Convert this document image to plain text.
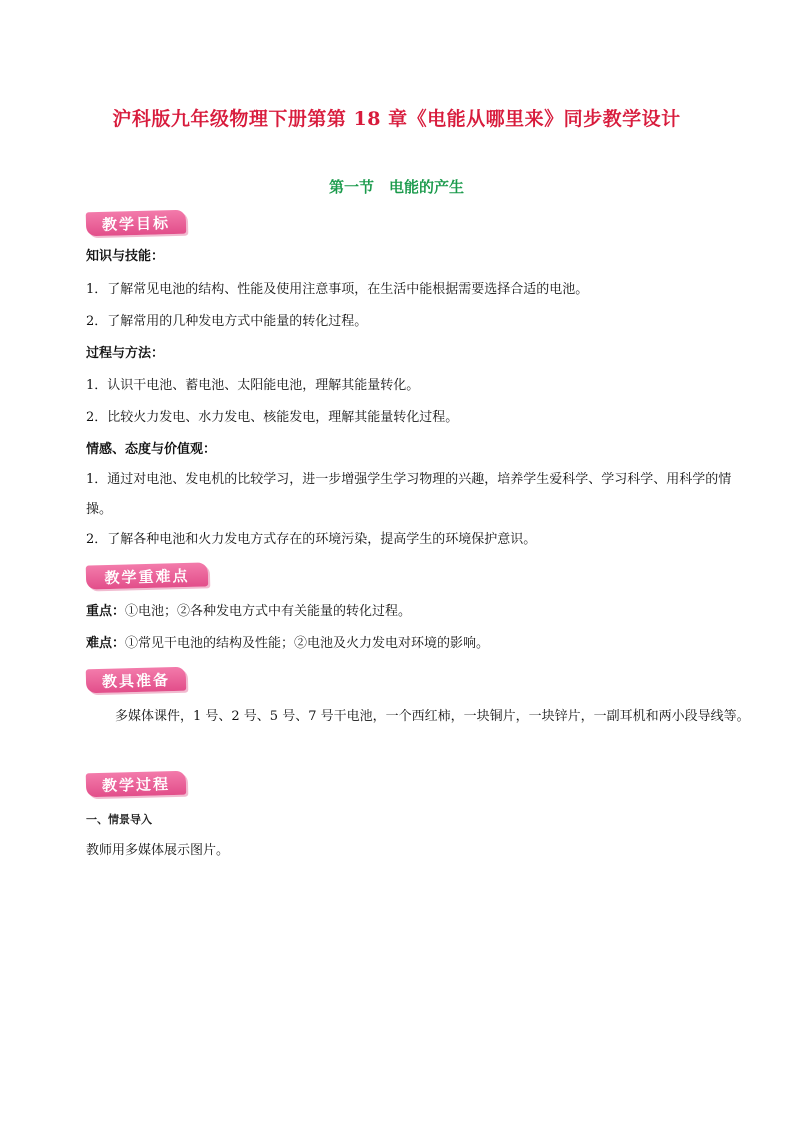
沪科版九年级物理下册第第 18 章《电能从哪里来》同步教学设计
第一节　电能的产生
教学目标
知识与技能：
1．了解常见电池的结构、性能及使用注意事项，在生活中能根据需要选择合适的电池。
2．了解常用的几种发电方式中能量的转化过程。
过程与方法：
1．认识干电池、蓄电池、太阳能电池，理解其能量转化。
2．比较火力发电、水力发电、核能发电，理解其能量转化过程。
情感、态度与价值观：
1．通过对电池、发电机的比较学习，进一步增强学生学习物理的兴趣，培养学生爱科学、学习科学、用科学的情操。
2．了解各种电池和火力发电方式存在的环境污染，提高学生的环境保护意识。
教学重难点
重点：①电池；②各种发电方式中有关能量的转化过程。
难点：①常见干电池的结构及性能；②电池及火力发电对环境的影响。
教具准备
多媒体课件，1 号、2 号、5 号、7 号干电池，一个西红柿，一块铜片，一块锌片，一副耳机和两小段导线等。
教学过程
一、情景导入
教师用多媒体展示图片。
